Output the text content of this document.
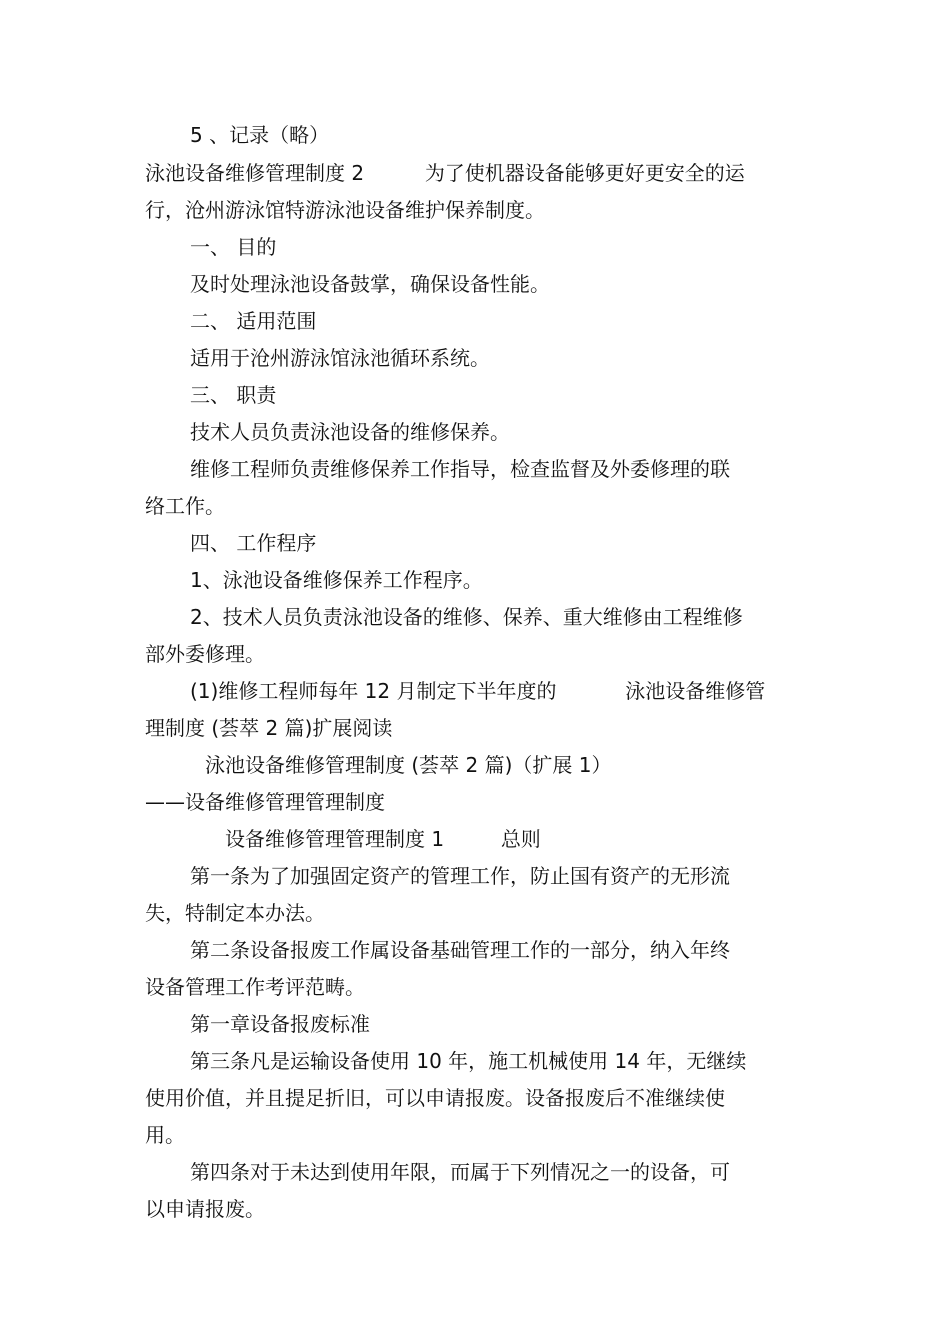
5 、记录（略）
泳池设备维修管理制度 2	为了使机器设备能够更好更安全的运
行，沧州游泳馆特游泳池设备维护保养制度。
一、 目的
及时处理泳池设备鼓掌，确保设备性能。
二、 适用范围
适用于沧州游泳馆泳池循环系统。
三、 职责
技术人员负责泳池设备的维修保养。
维修工程师负责维修保养工作指导，检查监督及外委修理的联
络工作。
四、 工作程序
1、泳池设备维修保养工作程序。
2、技术人员负责泳池设备的维修、保养、重大维修由工程维修
部外委修理。
(1)维修工程师每年 12 月制定下半年度的	泳池设备维修管
理制度 (荟萃 2 篇)扩展阅读
泳池设备维修管理制度 (荟萃 2 篇)（扩展 1）
——设备维修管理管理制度
设备维修管理管理制度 1	总则
第一条为了加强固定资产的管理工作，防止国有资产的无形流
失，特制定本办法。
第二条设备报废工作属设备基础管理工作的一部分，纳入年终
设备管理工作考评范畴。
第一章设备报废标准
第三条凡是运输设备使用 10 年，施工机械使用 14 年，无继续
使用价值，并且提足折旧，可以申请报废。设备报废后不准继续使
用。
第四条对于未达到使用年限，而属于下列情况之一的设备，可
以申请报废。
